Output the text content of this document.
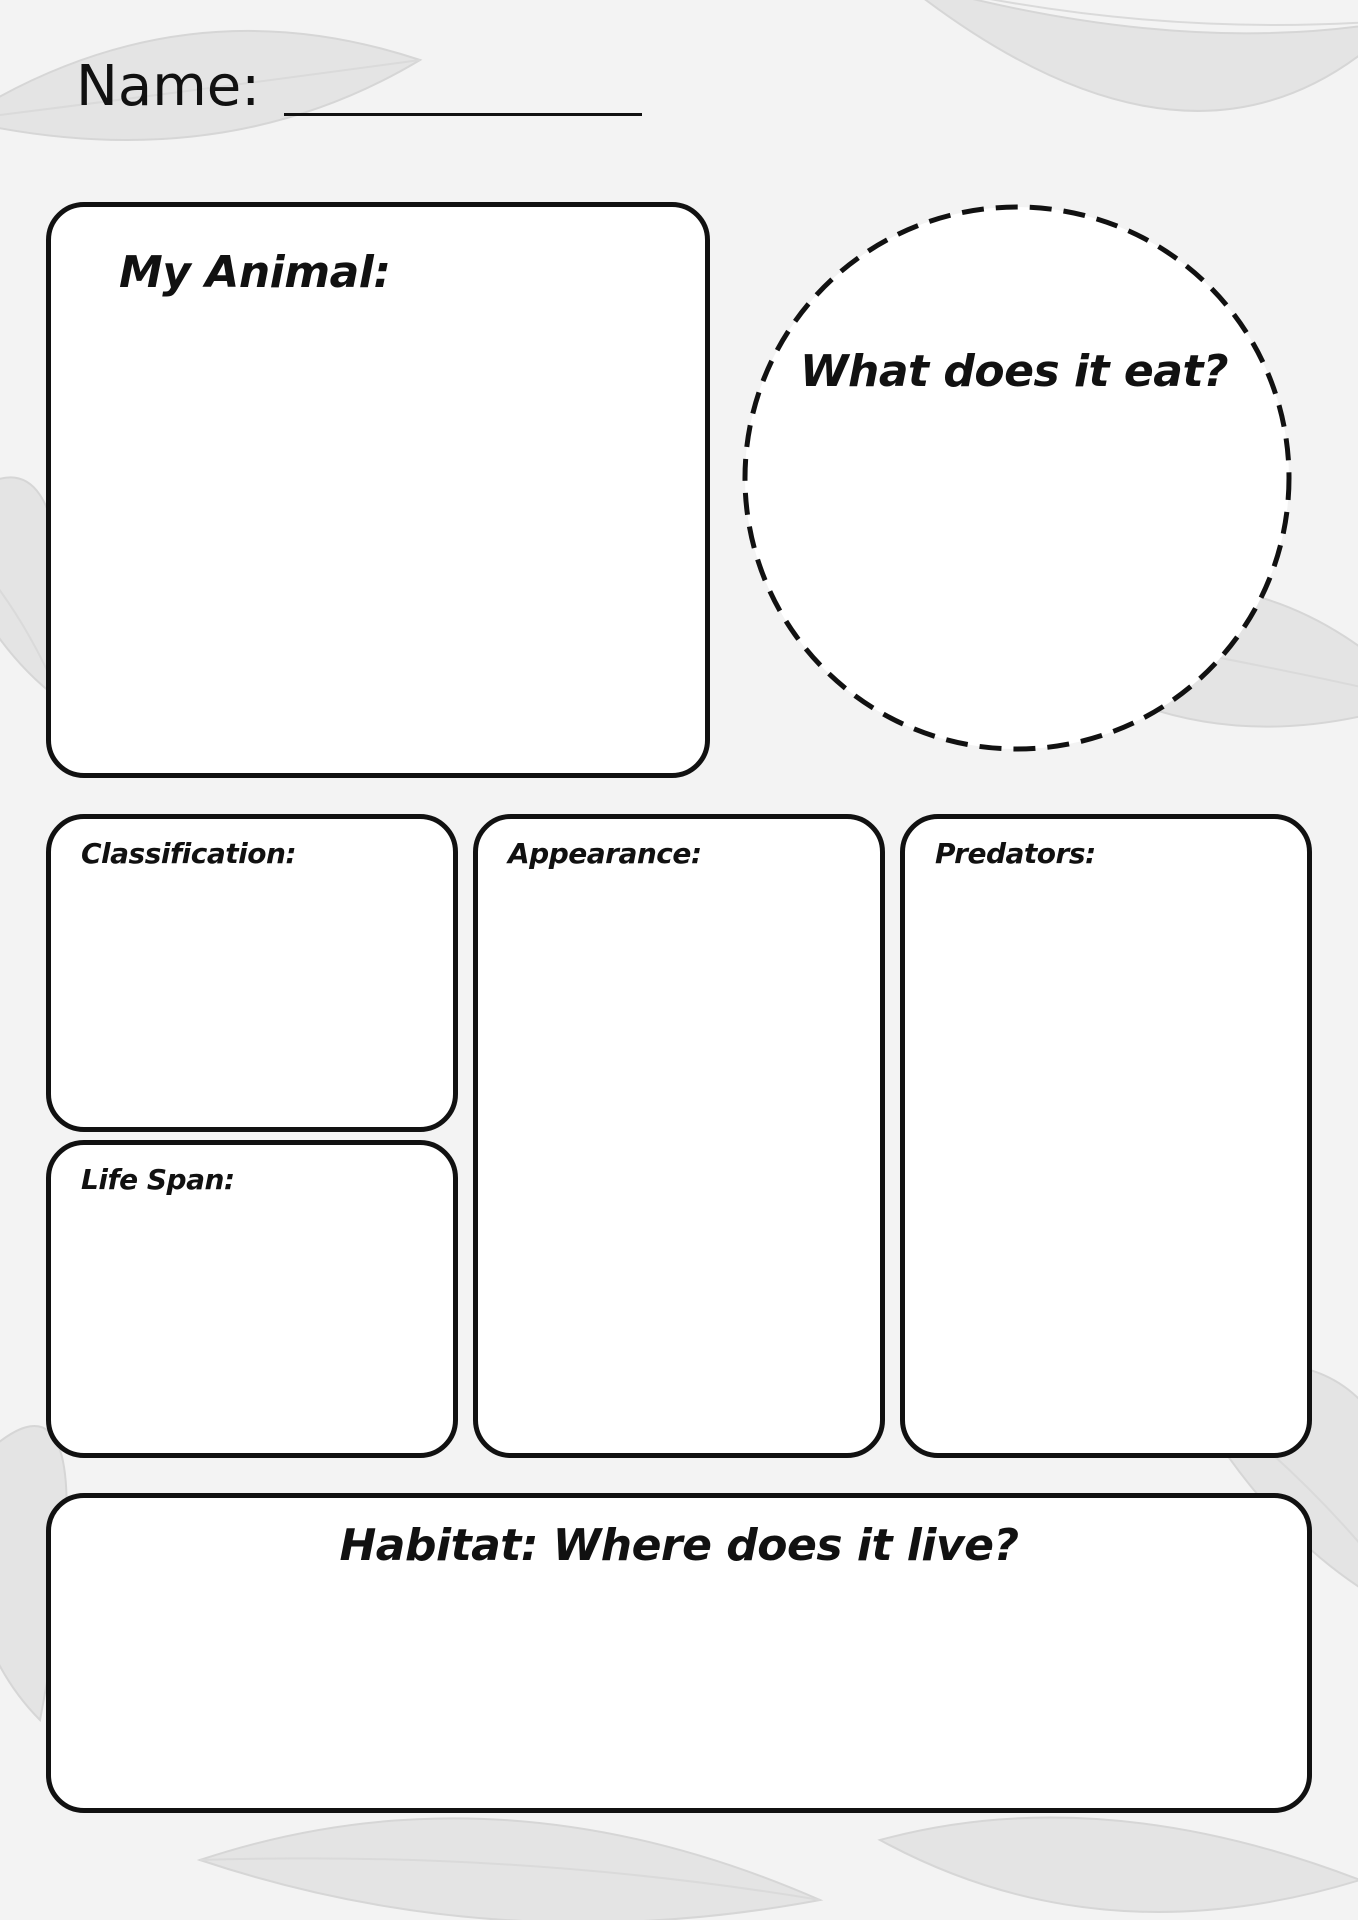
Name:
My Animal:
What does it eat?
Classification:
Life Span:
Appearance:	Predators:
Habitat: Where does it live?
